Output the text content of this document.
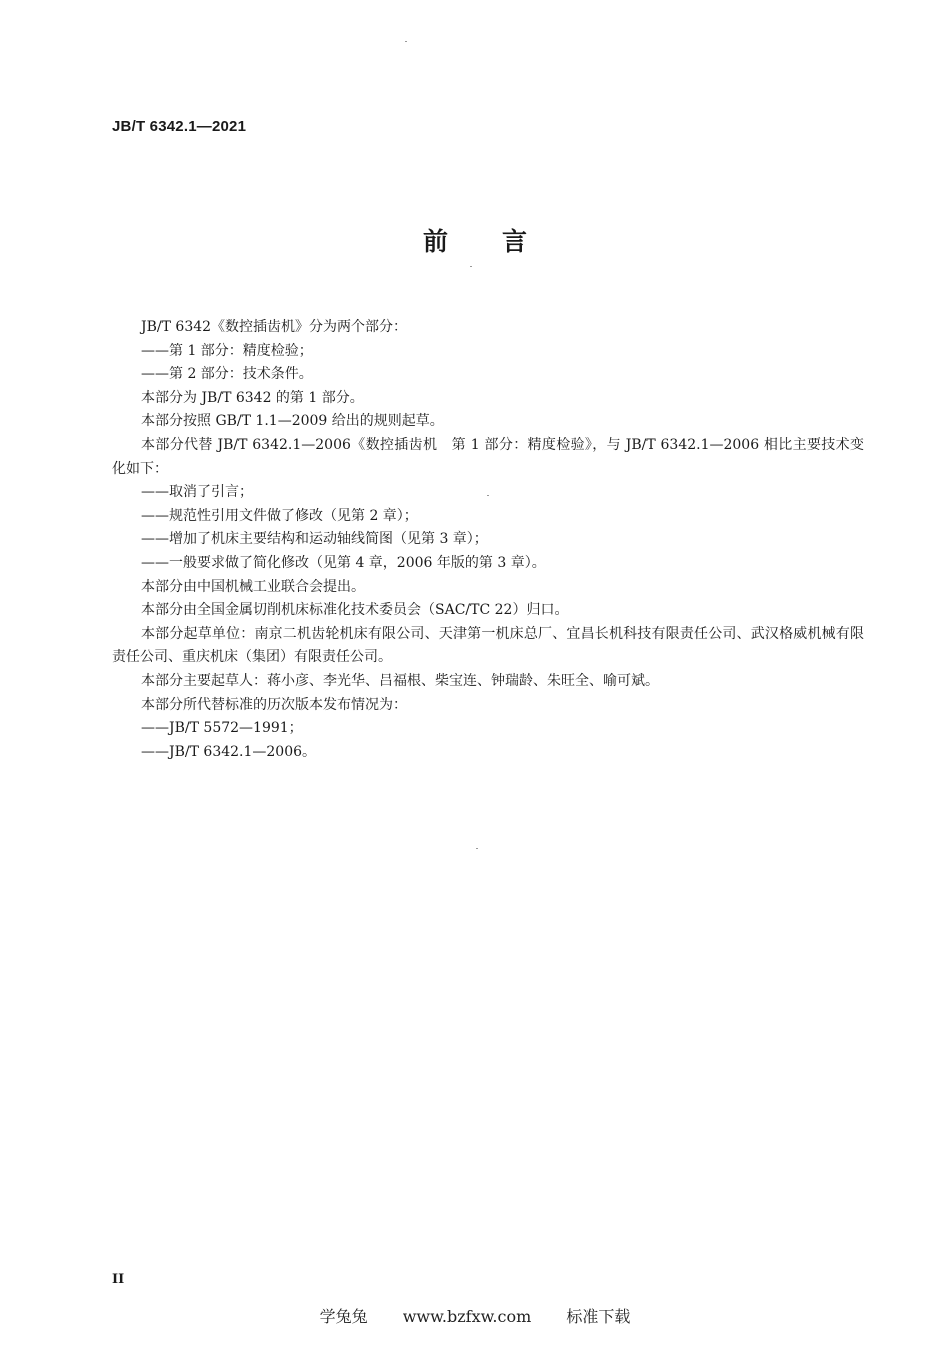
JB/T 6342.1—2021
前言

JB/T 6342《数控插齿机》分为两个部分：

——第 1 部分：精度检验；

——第 2 部分：技术条件。

本部分为 JB/T 6342 的第 1 部分。

本部分按照 GB/T 1.1—2009 给出的规则起草。

本部分代替 JB/T 6342.1—2006《数控插齿机　第 1 部分：精度检验》，与 JB/T 6342.1—2006 相比主要技术变化如下：

——取消了引言；

——规范性引用文件做了修改（见第 2 章）；

——增加了机床主要结构和运动轴线简图（见第 3 章）；

——一般要求做了简化修改（见第 4 章，2006 年版的第 3 章）。

本部分由中国机械工业联合会提出。

本部分由全国金属切削机床标准化技术委员会（SAC/TC 22）归口。

本部分起草单位：南京二机齿轮机床有限公司、天津第一机床总厂、宜昌长机科技有限责任公司、武汉格威机械有限责任公司、重庆机床（集团）有限责任公司。

本部分主要起草人：蒋小彦、李光华、吕福根、柴宝连、钟瑞龄、朱旺全、喻可斌。

本部分所代替标准的历次版本发布情况为：

——JB/T 5572—1991；

——JB/T 6342.1—2006。

II
学兔兔 www.bzfxw.com 标准下载
